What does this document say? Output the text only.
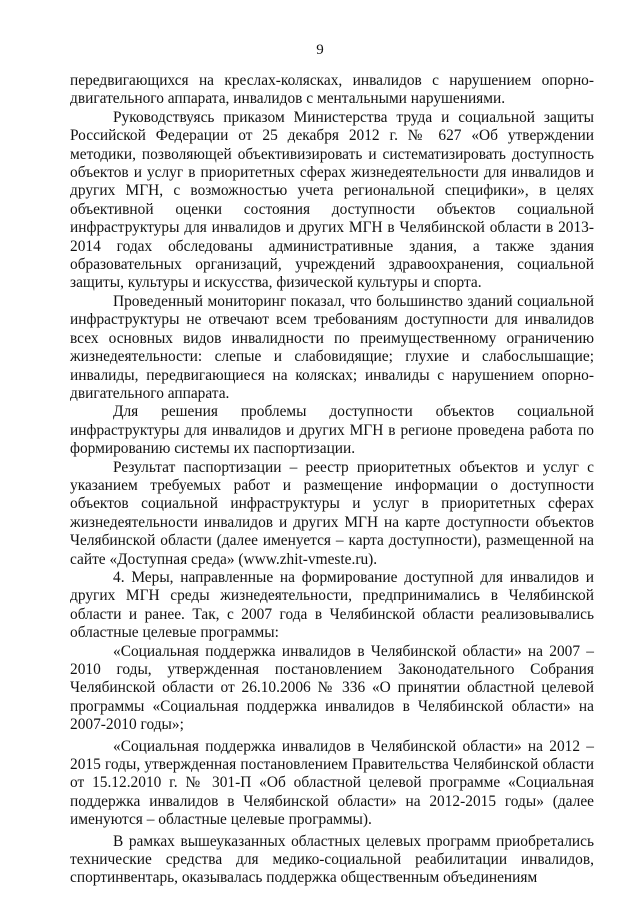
9

передвигающихся на креслах-колясках, инвалидов с нарушением опорно-двигательного аппарата, инвалидов с ментальными нарушениями.

Руководствуясь приказом Министерства труда и социальной защиты Российской Федерации от 25 декабря 2012 г. № 627 «Об утверждении методики, позволяющей объективизировать и систематизировать доступность объектов и услуг в приоритетных сферах жизнедеятельности для инвалидов и других МГН, с возможностью учета региональной специфики», в целях объективной оценки состояния доступности объектов социальной инфраструктуры для инвалидов и других МГН в Челябинской области в 2013-2014 годах обследованы административные здания, а также здания образовательных организаций, учреждений здравоохранения, социальной защиты, культуры и искусства, физической культуры и спорта.

Проведенный мониторинг показал, что большинство зданий социальной инфраструктуры не отвечают всем требованиям доступности для инвалидов всех основных видов инвалидности по преимущественному ограничению жизнедеятельности: слепые и слабовидящие; глухие и слабослышащие; инвалиды, передвигающиеся на колясках; инвалиды с нарушением опорно-двигательного аппарата.

Для решения проблемы доступности объектов социальной инфраструктуры для инвалидов и других МГН в регионе проведена работа по формированию системы их паспортизации.

Результат паспортизации – реестр приоритетных объектов и услуг с указанием требуемых работ и размещение информации о доступности объектов социальной инфраструктуры и услуг в приоритетных сферах жизнедеятельности инвалидов и других МГН на карте доступности объектов Челябинской области (далее именуется – карта доступности), размещенной на сайте «Доступная среда» (www.zhit-vmeste.ru).

4. Меры, направленные на формирование доступной для инвалидов и других МГН среды жизнедеятельности, предпринимались в Челябинской области и ранее. Так, с 2007 года в Челябинской области реализовывались областные целевые программы:

«Социальная поддержка инвалидов в Челябинской области» на 2007 – 2010 годы, утвержденная постановлением Законодательного Собрания Челябинской области от 26.10.2006 № 336 «О принятии областной целевой программы «Социальная поддержка инвалидов в Челябинской области» на 2007-2010 годы»;

«Социальная поддержка инвалидов в Челябинской области» на 2012 – 2015 годы, утвержденная постановлением Правительства Челябинской области от 15.12.2010 г. № 301-П «Об областной целевой программе «Социальная поддержка инвалидов в Челябинской области» на 2012-2015 годы» (далее именуются – областные целевые программы).

В рамках вышеуказанных областных целевых программ приобретались технические средства для медико-социальной реабилитации инвалидов, спортинвентарь, оказывалась поддержка общественным объединениям
